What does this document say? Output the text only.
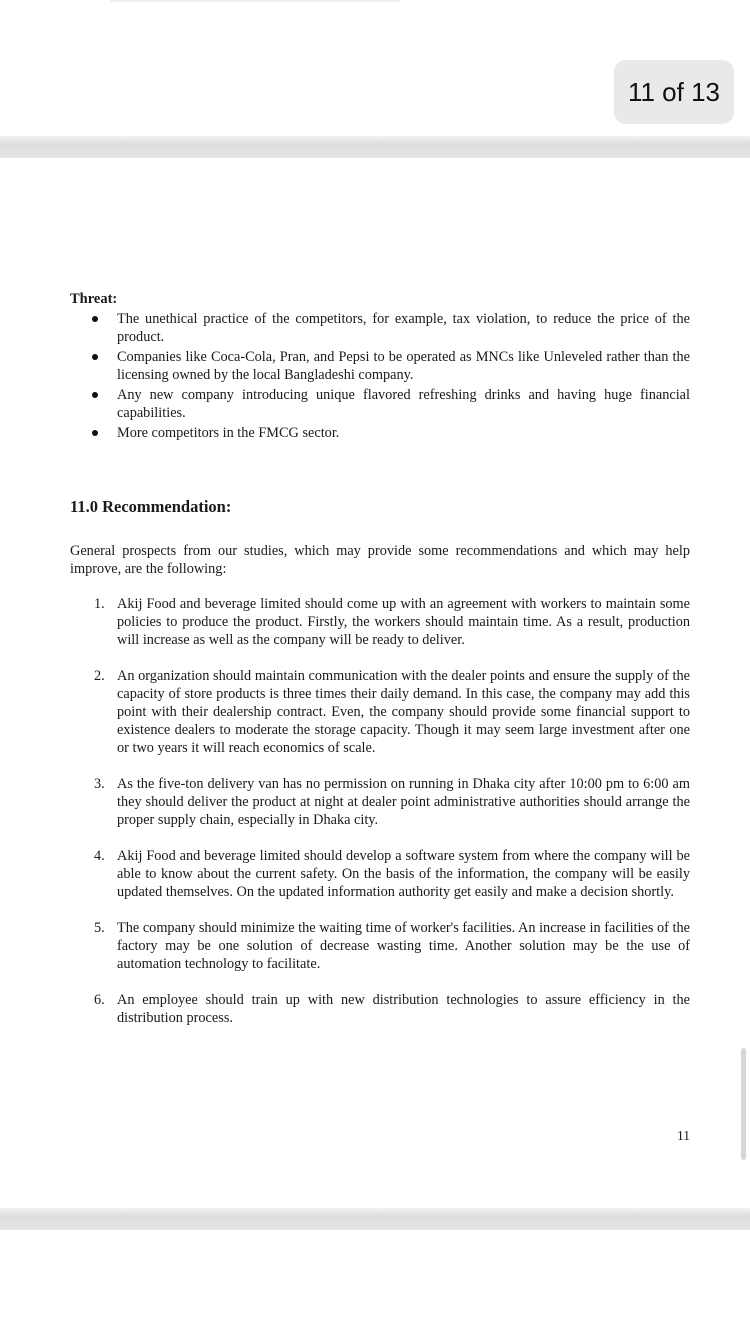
11 of 13
Threat:
The unethical practice of the competitors, for example, tax violation, to reduce the price of the product.
Companies like Coca-Cola, Pran, and Pepsi to be operated as MNCs like Unleveled rather than the licensing owned by the local Bangladeshi company.
Any new company introducing unique flavored refreshing drinks and having huge financial capabilities.
More competitors in the FMCG sector.
11.0 Recommendation:
General prospects from our studies, which may provide some recommendations and which may help improve, are the following:
1. Akij Food and beverage limited should come up with an agreement with workers to maintain some policies to produce the product. Firstly, the workers should maintain time. As a result, production will increase as well as the company will be ready to deliver.
2. An organization should maintain communication with the dealer points and ensure the supply of the capacity of store products is three times their daily demand. In this case, the company may add this point with their dealership contract. Even, the company should provide some financial support to existence dealers to moderate the storage capacity. Though it may seem large investment after one or two years it will reach economics of scale.
3. As the five-ton delivery van has no permission on running in Dhaka city after 10:00 pm to 6:00 am they should deliver the product at night at dealer point administrative authorities should arrange the proper supply chain, especially in Dhaka city.
4. Akij Food and beverage limited should develop a software system from where the company will be able to know about the current safety. On the basis of the information, the company will be easily updated themselves. On the updated information authority get easily and make a decision shortly.
5. The company should minimize the waiting time of worker's facilities. An increase in facilities of the factory may be one solution of decrease wasting time. Another solution may be the use of automation technology to facilitate.
6. An employee should train up with new distribution technologies to assure efficiency in the distribution process.
11
